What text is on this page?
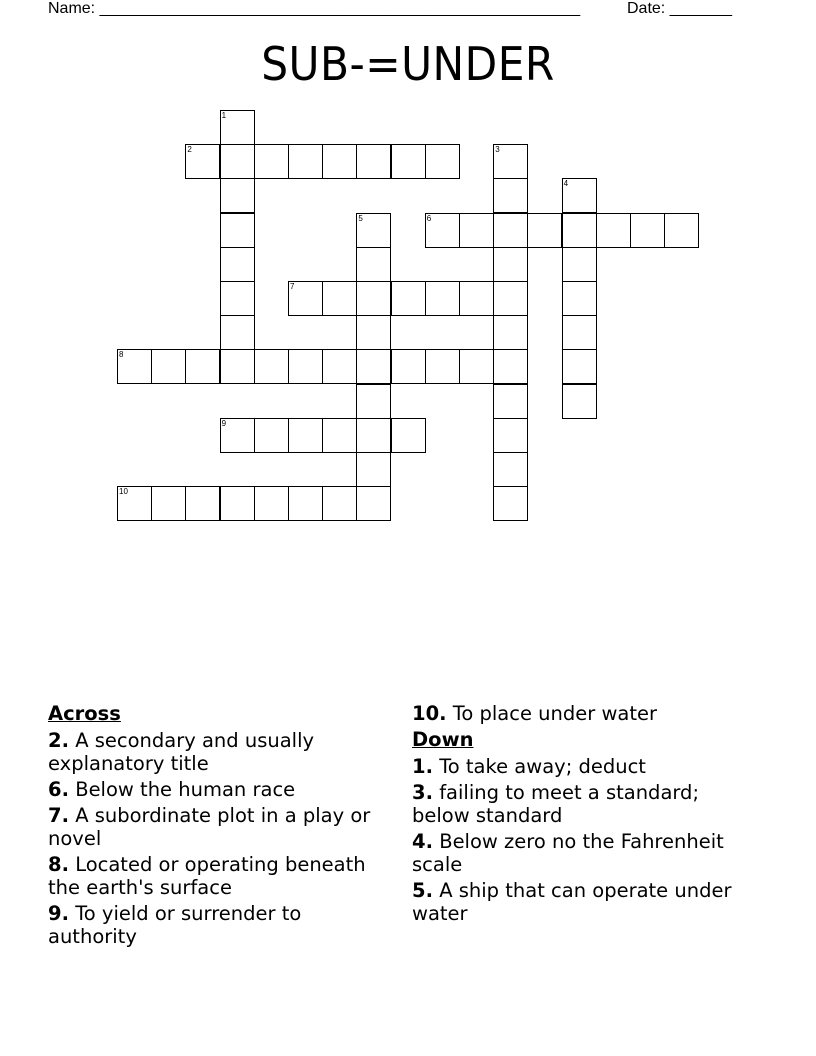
Name: ______________________________________________________	Date: _______
SUB-=UNDER
1
2	3
4
5	6
7
8
9
10
Across
2. A secondary and usually explanatory title
6. Below the human race
7. A subordinate plot in a play or novel
8. Located or operating beneath the earth's surface
9. To yield or surrender to authority
10. To place under water
Down
1. To take away; deduct
3. failing to meet a standard; below standard
4. Below zero no the Fahrenheit scale
5. A ship that can operate under water
